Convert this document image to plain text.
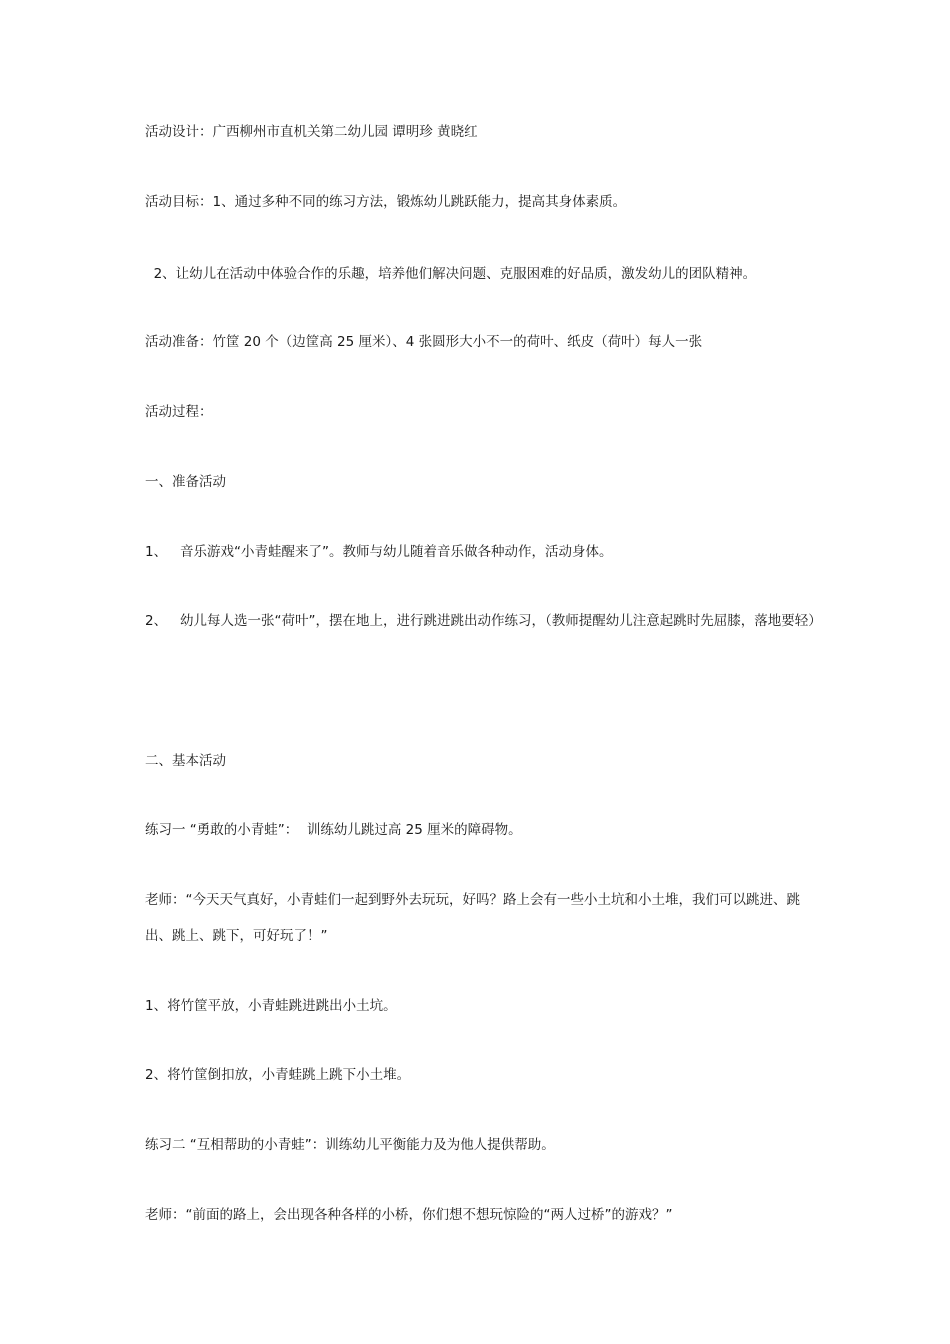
活动设计：广西柳州市直机关第二幼儿园 谭明珍 黄晓红
活动目标：1、通过多种不同的练习方法，锻炼幼儿跳跃能力，提高其身体素质。
2、让幼儿在活动中体验合作的乐趣，培养他们解决问题、克服困难的好品质，激发幼儿的团队精神。
活动准备：竹筐 20 个（边筐高 25 厘米）、4 张圆形大小不一的荷叶、纸皮（荷叶）每人一张
活动过程：
一、准备活动
1、   音乐游戏“小青蛙醒来了”。教师与幼儿随着音乐做各种动作，活动身体。
2、   幼儿每人选一张“荷叶”，摆在地上，进行跳进跳出动作练习，（教师提醒幼儿注意起跳时先屈膝，落地要轻）
二、基本活动
练习一 “勇敢的小青蛙”：  训练幼儿跳过高 25 厘米的障碍物。
老师：“今天天气真好，小青蛙们一起到野外去玩玩，好吗？路上会有一些小土坑和小土堆，我们可以跳进、跳出、跳上、跳下，可好玩了！”
1、将竹筐平放，小青蛙跳进跳出小土坑。
2、将竹筐倒扣放，小青蛙跳上跳下小土堆。
练习二 “互相帮助的小青蛙”：训练幼儿平衡能力及为他人提供帮助。
老师：“前面的路上，会出现各种各样的小桥，你们想不想玩惊险的“两人过桥”的游戏？”
